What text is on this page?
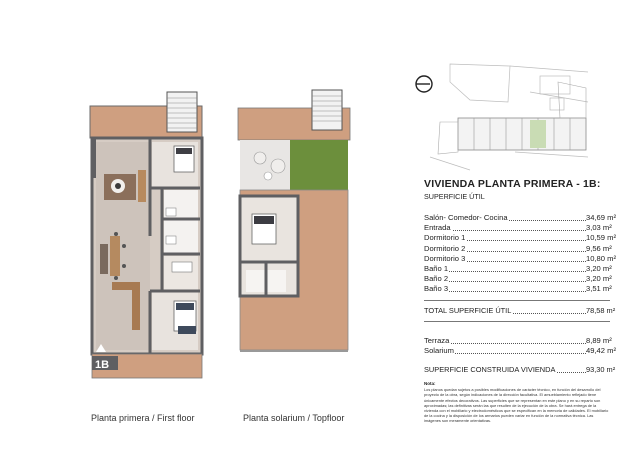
1B
Planta primera / First floor	Planta solarium / Topfloor
VIVIENDA PLANTA PRIMERA - 1B:
SUPERFICIE ÚTIL
Salón- Comedor- Cocina	34,69 m²
Entrada	3,03 m²
Dormitorio 1	10,59 m²
Dormitorio 2	9,56 m²
Dormitorio 3	10,80 m²
Baño 1	3,20 m²
Baño 2	3,20 m²
Baño 3	3,51 m²
TOTAL SUPERFICIE ÚTIL	78,58 m²
Terraza	8,89 m²
Solarium	49,42 m²
SUPERFICIE CONSTRUIDA VIVIENDA	93,30 m²
Nota:
Los planos quedan sujetos a posibles modificaciones de carácter técnico, en función del desarrollo del proyecto de la obra, según indicaciones de la dirección facultativa. El amueblamiento reflejado tiene únicamente efectos decorativos. Las superficies que se representan en este plano y en su reparto son aproximadas; las definitivas serán las que resulten de la ejecución de la obra. Se hará entrega de la vivienda con el mobiliario y electrodomésticos que se especifican en la memoria de calidades. El mobiliario de la cocina y la disposición de los armarios pueden variar en función de la normativa técnica. Las imágenes son meramente orientativas.
